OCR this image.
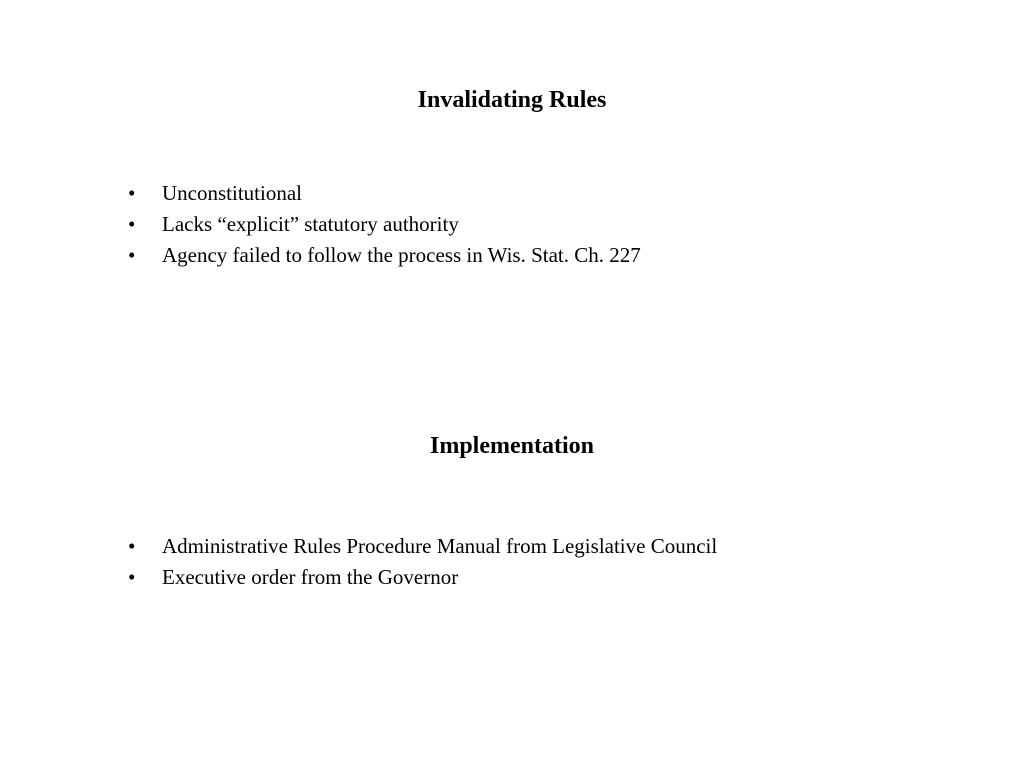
Invalidating Rules
•	Unconstitutional
•	Lacks “explicit” statutory authority
•	Agency failed to follow the process in Wis. Stat. Ch. 227
Implementation
•	Administrative Rules Procedure Manual from Legislative Council
•	Executive order from the Governor
